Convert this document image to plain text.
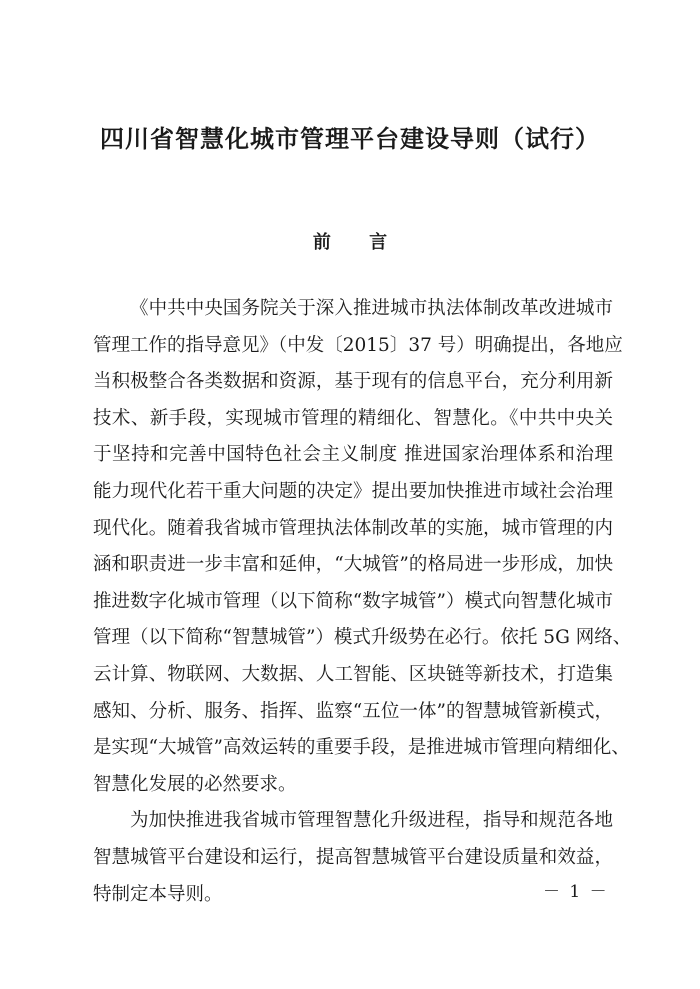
四川省智慧化城市管理平台建设导则（试行）
前 言
《中共中央国务院关于深入推进城市执法体制改革改进城市
管理工作的指导意见》（中发〔2015〕37 号）明确提出，各地应
当积极整合各类数据和资源，基于现有的信息平台，充分利用新
技术、新手段，实现城市管理的精细化、智慧化。《中共中央关
于坚持和完善中国特色社会主义制度 推进国家治理体系和治理
能力现代化若干重大问题的决定》提出要加快推进市域社会治理
现代化。随着我省城市管理执法体制改革的实施，城市管理的内
涵和职责进一步丰富和延伸，“大城管”的格局进一步形成，加快
推进数字化城市管理（以下简称“数字城管”）模式向智慧化城市
管理（以下简称“智慧城管”）模式升级势在必行。依托 5G 网络、
云计算、物联网、大数据、人工智能、区块链等新技术，打造集
感知、分析、服务、指挥、监察“五位一体”的智慧城管新模式，
是实现“大城管”高效运转的重要手段，是推进城市管理向精细化、
智慧化发展的必然要求。
为加快推进我省城市管理智慧化升级进程，指导和规范各地
智慧城管平台建设和运行，提高智慧城管平台建设质量和效益，
特制定本导则。	－ 1 －
